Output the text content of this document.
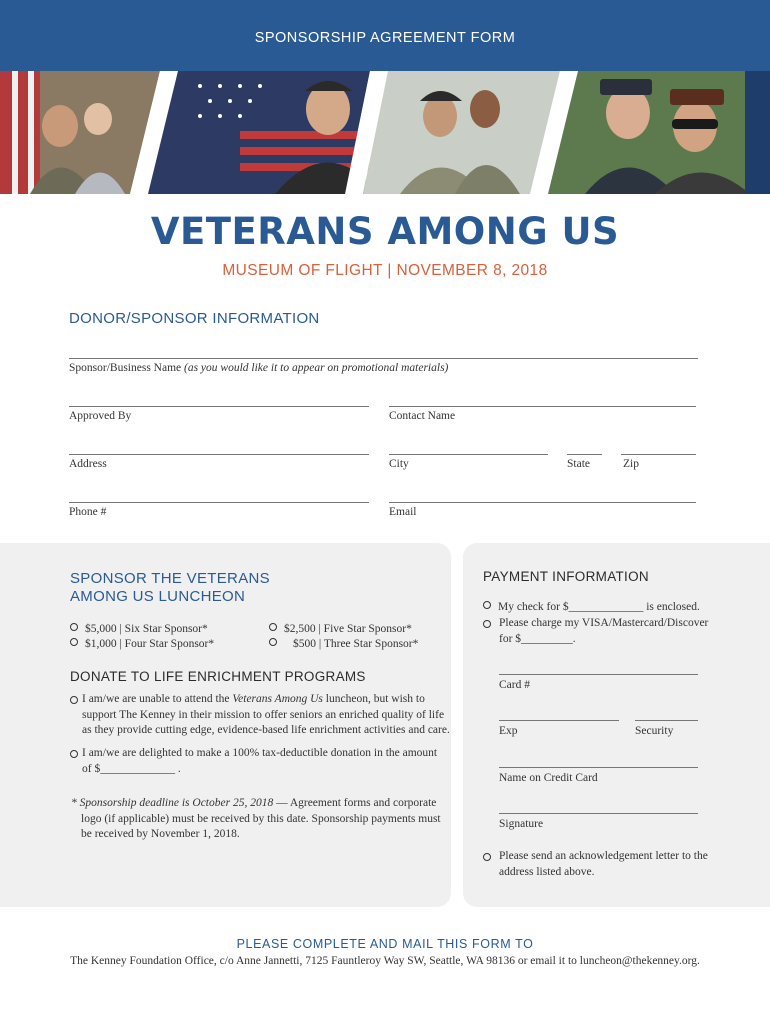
SPONSORSHIP AGREEMENT FORM
VETERANS AMONG US
MUSEUM OF FLIGHT | NOVEMBER 8, 2018
DONOR/SPONSOR INFORMATION
Sponsor/Business Name (as you would like it to appear on promotional materials)
Approved By	Contact Name
Address	City	State	Zip
Phone #	Email
SPONSOR THE VETERANS
AMONG US LUNCHEON
$5,000 | Six Star Sponsor*
$1,000 | Four Star Sponsor*
$2,500 | Five Star Sponsor*
$500 | Three Star Sponsor*
DONATE TO LIFE ENRICHMENT PROGRAMS
I am/we are unable to attend the Veterans Among Us luncheon, but wish to
support The Kenney in their mission to offer seniors an enriched quality of life
as they provide cutting edge, evidence-based life enrichment activities and care.
I am/we are delighted to make a 100% tax-deductible donation in the amount
of $_____________ .
* Sponsorship deadline is October 25, 2018 — Agreement forms and corporate
logo (if applicable) must be received by this date. Sponsorship payments must
be received by November 1, 2018.
PAYMENT INFORMATION
My check for $_____________ is enclosed.
Please charge my VISA/Mastercard/Discover
for $_________.
Card #
Exp	Security
Name on Credit Card
Signature
Please send an acknowledgement letter to the
address listed above.
PLEASE COMPLETE AND MAIL THIS FORM TO
The Kenney Foundation Office, c/o Anne Jannetti, 7125 Fauntleroy Way SW, Seattle, WA 98136 or email it to luncheon@thekenney.org.
